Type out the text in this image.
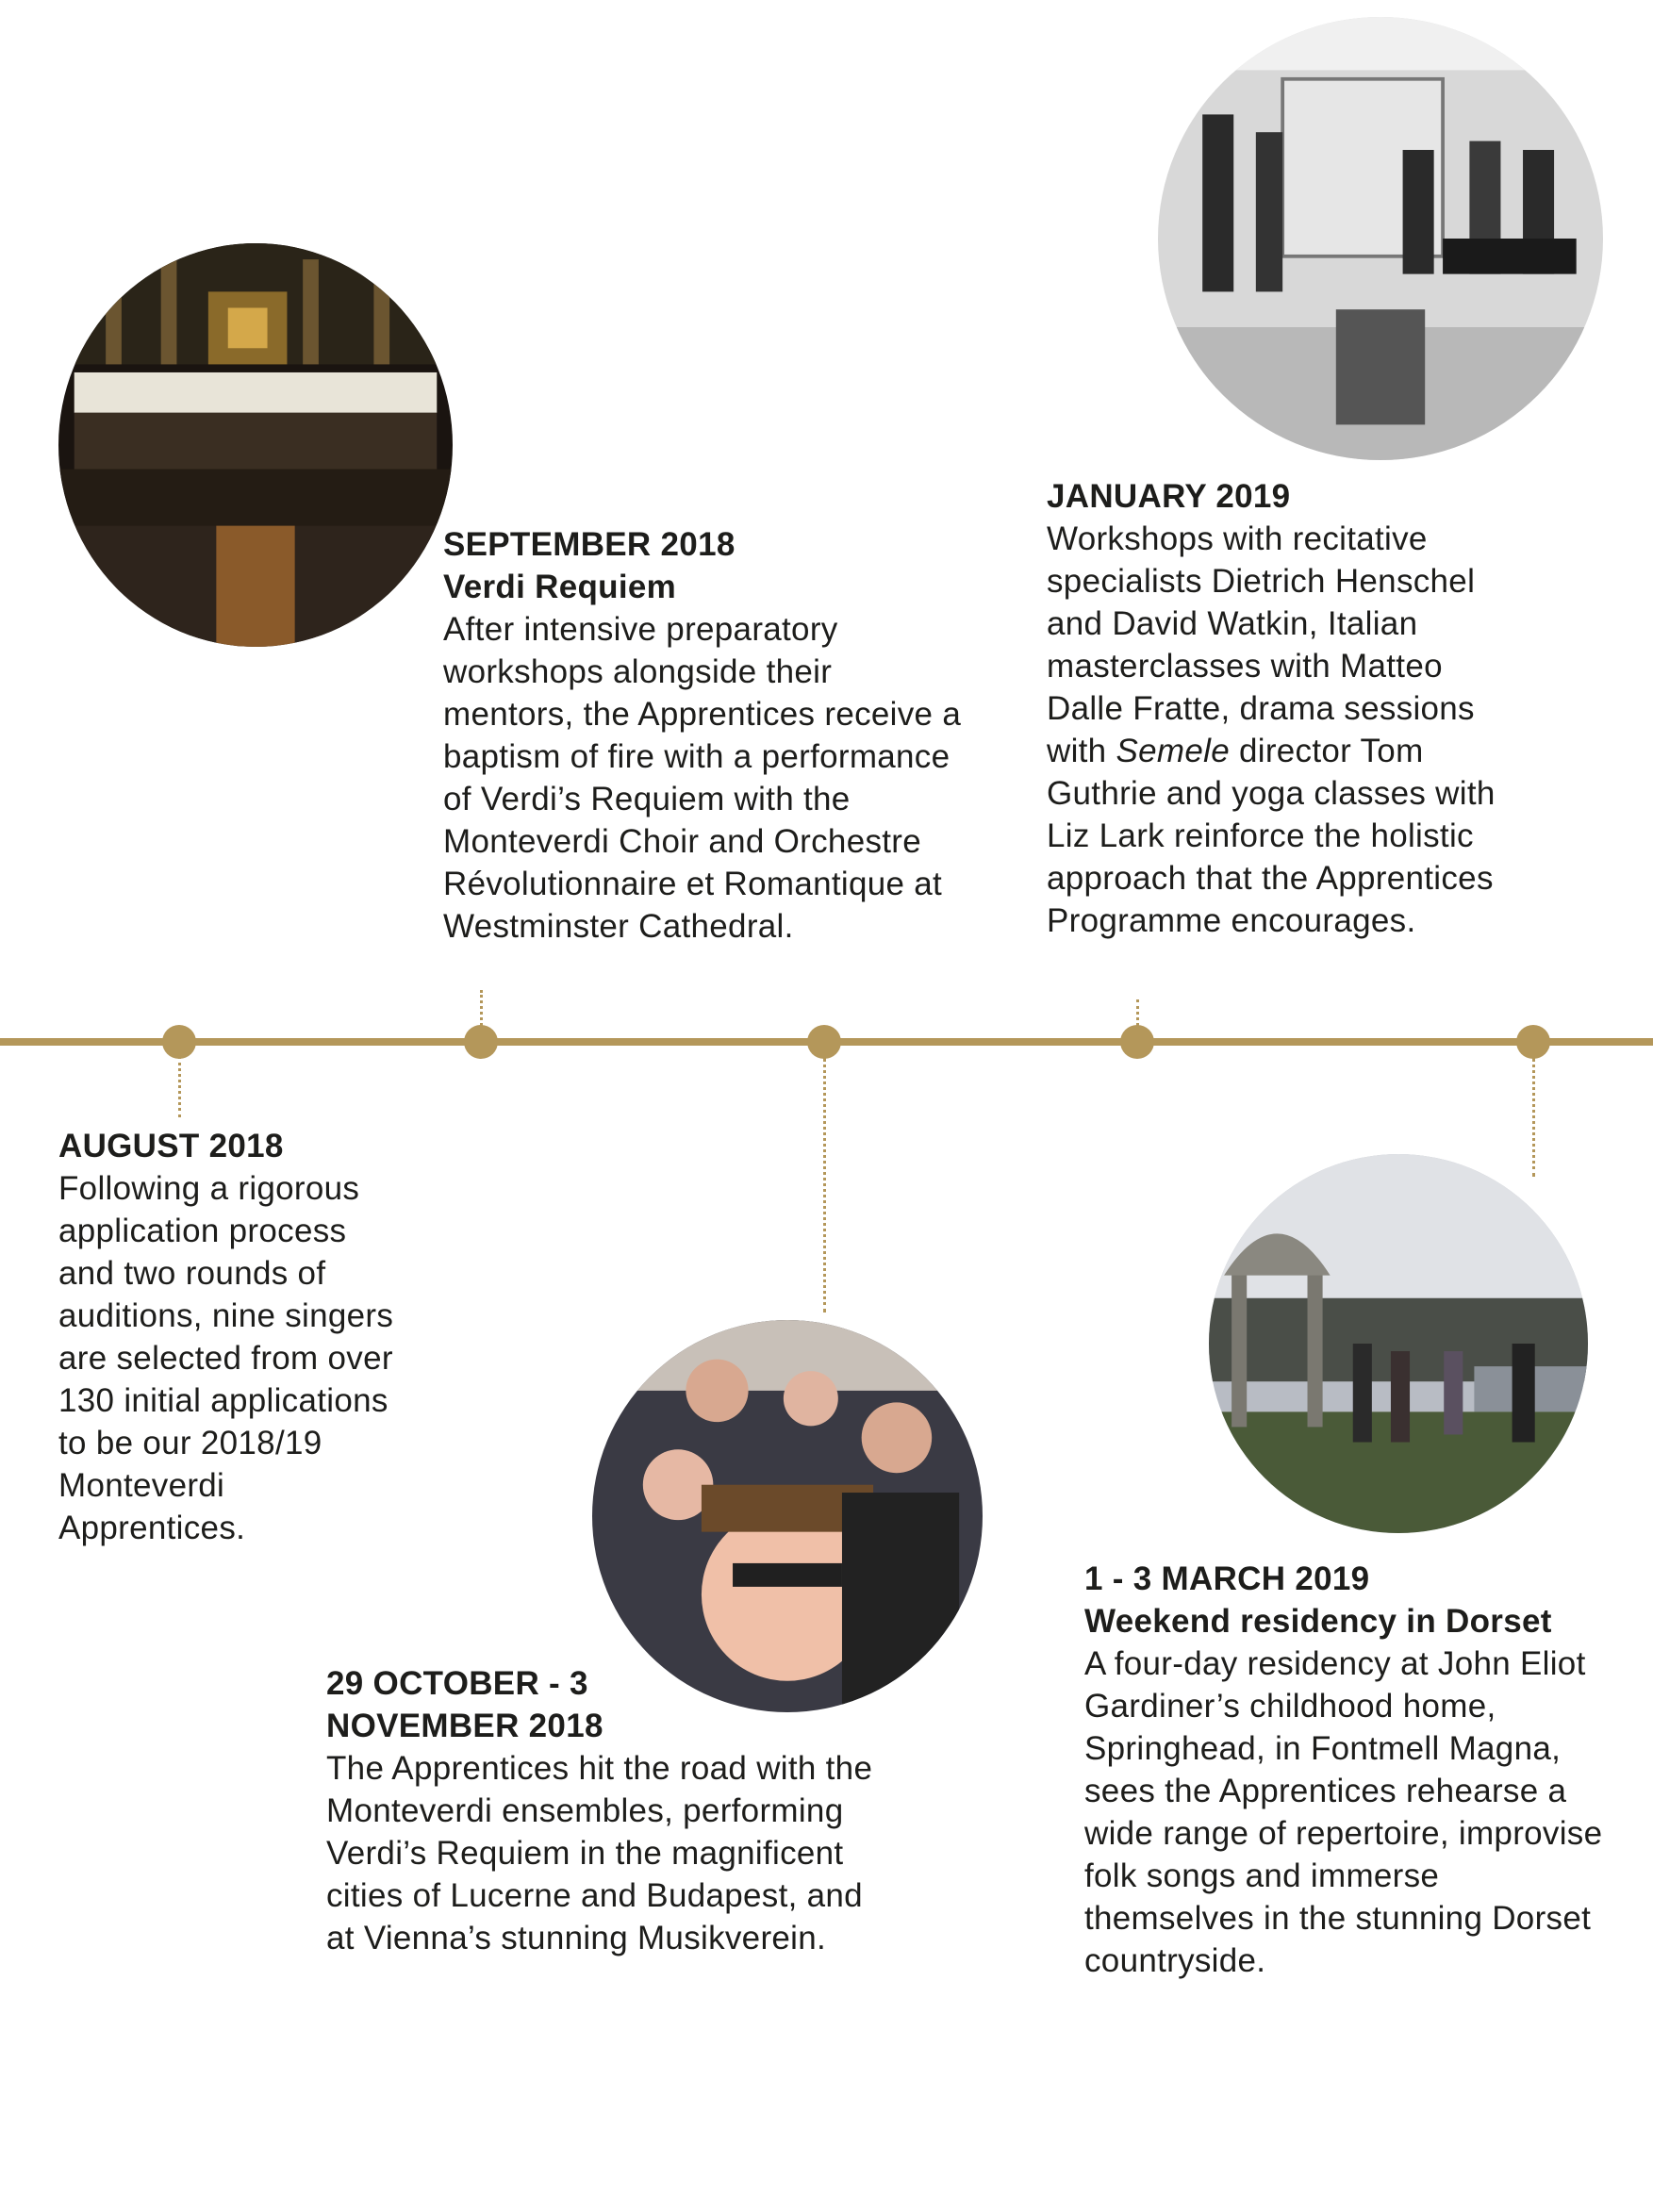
AUGUST 2018
Following a rigorous application process and two rounds of auditions, nine singers are selected from over 130 initial applications to be our 2018/19 Monteverdi Apprentices.
SEPTEMBER 2018
Verdi Requiem
After intensive preparatory workshops alongside their mentors, the Apprentices receive a baptism of fire with a performance of Verdi’s Requiem with the Monteverdi Choir and Orchestre Révolutionnaire et Romantique at Westminster Cathedral.
29 OCTOBER - 3 NOVEMBER 2018
The Apprentices hit the road with the Monteverdi ensembles, performing Verdi’s Requiem in the magnificent cities of Lucerne and Budapest, and at Vienna’s stunning Musikverein.
JANUARY 2019
Workshops with recitative specialists Dietrich Henschel and David Watkin, Italian masterclasses with Matteo Dalle Fratte, drama sessions with Semele director Tom Guthrie and yoga classes with Liz Lark reinforce the holistic approach that the Apprentices Programme encourages.
1 - 3 MARCH 2019
Weekend residency in Dorset
A four-day residency at John Eliot Gardiner’s childhood home, Springhead, in Fontmell Magna, sees the Apprentices rehearse a wide range of repertoire, improvise folk songs and immerse themselves in the stunning Dorset countryside.
